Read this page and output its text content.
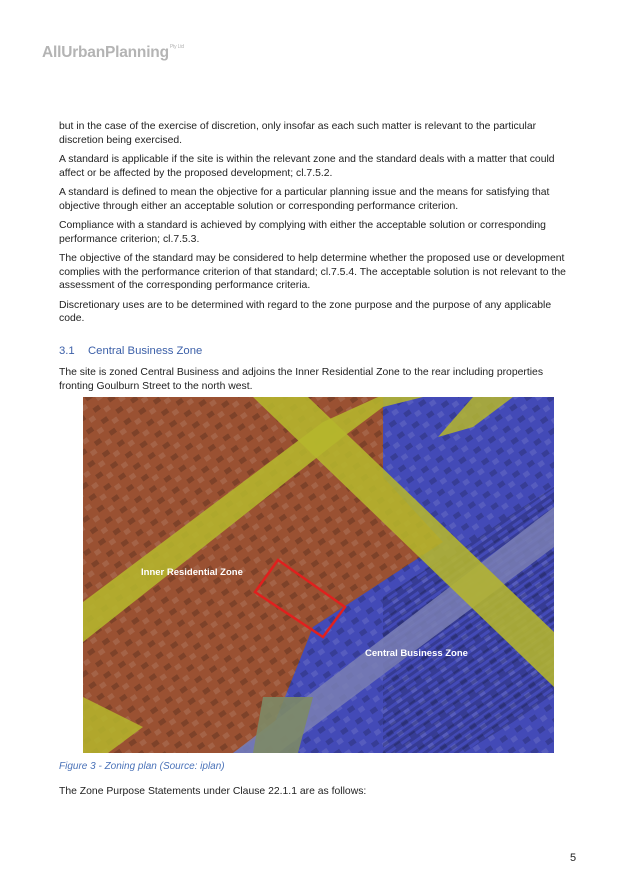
AllUrbanPlanning$^{Pty Ltd}$

but in the case of the exercise of discretion, only insofar as each such matter is relevant to the particular discretion being exercised.

A standard is applicable if the site is within the relevant zone and the standard deals with a matter that could affect or be affected by the proposed development; cl.7.5.2.

A standard is defined to mean the objective for a particular planning issue and the means for satisfying that objective through either an acceptable solution or corresponding performance criterion.

Compliance with a standard is achieved by complying with either the acceptable solution or corresponding performance criterion; cl.7.5.3.

The objective of the standard may be considered to help determine whether the proposed use or development complies with the performance criterion of that standard; cl.7.5.4. The acceptable solution is not relevant to the assessment of the corresponding performance criteria.

Discretionary uses are to be determined with regard to the zone purpose and the purpose of any applicable code.

3.1 Central Business Zone

The site is zoned Central Business and adjoins the Inner Residential Zone to the rear including properties fronting Goulburn Street to the north west.

Inner Residential Zone
Central Business Zone
Figure 3 - Zoning plan (Source: iplan)

The Zone Purpose Statements under Clause 22.1.1 are as follows:

5
